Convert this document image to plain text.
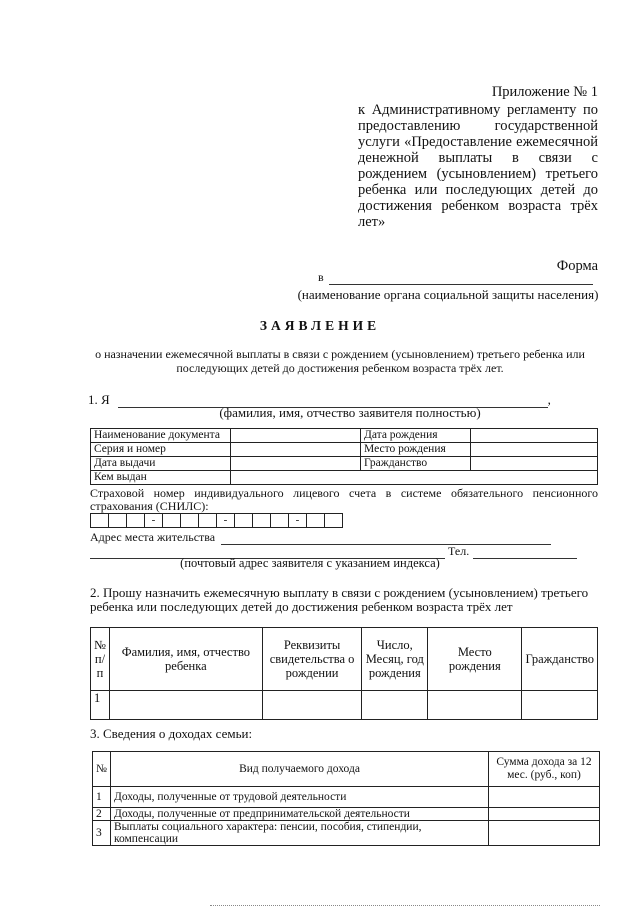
Приложение № 1
к Административному регламенту по предоставлению государственной услуги «Предоставление ежемесячной денежной выплаты в связи с рождением (усыновлением) третьего ребенка или последующих детей до достижения ребенком возраста трёх лет»
Форма
в
(наименование органа социальной защиты населения)
ЗАЯВЛЕНИЕ
о назначении ежемесячной выплаты в связи с рождением (усыновлением) третьего ребенка или последующих детей до достижения ребенком возраста трёх лет.
1. Я	,
(фамилия, имя, отчество заявителя полностью)
Наименование документа		Дата рождения	
Серия и номер		Место рождения	
Дата выдачи		Гражданство	
Кем выдан			
Страховой номер индивидуального лицевого счета в системе обязательного пенсионного страхования (СНИЛС):
-	-	-
Адрес места жительства
Тел.
(почтовый адрес заявителя с указанием индекса)
2. Прошу назначить ежемесячную выплату в связи с рождением (усыновлением) третьего ребенка или последующих детей до достижения ребенком возраста трёх лет
№ п/п	Фамилия, имя, отчество ребенка	Реквизиты свидетельства о рождении	Число, Месяц, год рождения	Место рождения	Гражданство
1					
3. Сведения о доходах семьи:
№	Вид получаемого дохода	Сумма дохода за 12 мес. (руб., коп)
1	Доходы, полученные от трудовой деятельности	
2	Доходы, полученные от предпринимательской деятельности	
3	Выплаты социального характера: пенсии, пособия, стипендии, компенсации	
